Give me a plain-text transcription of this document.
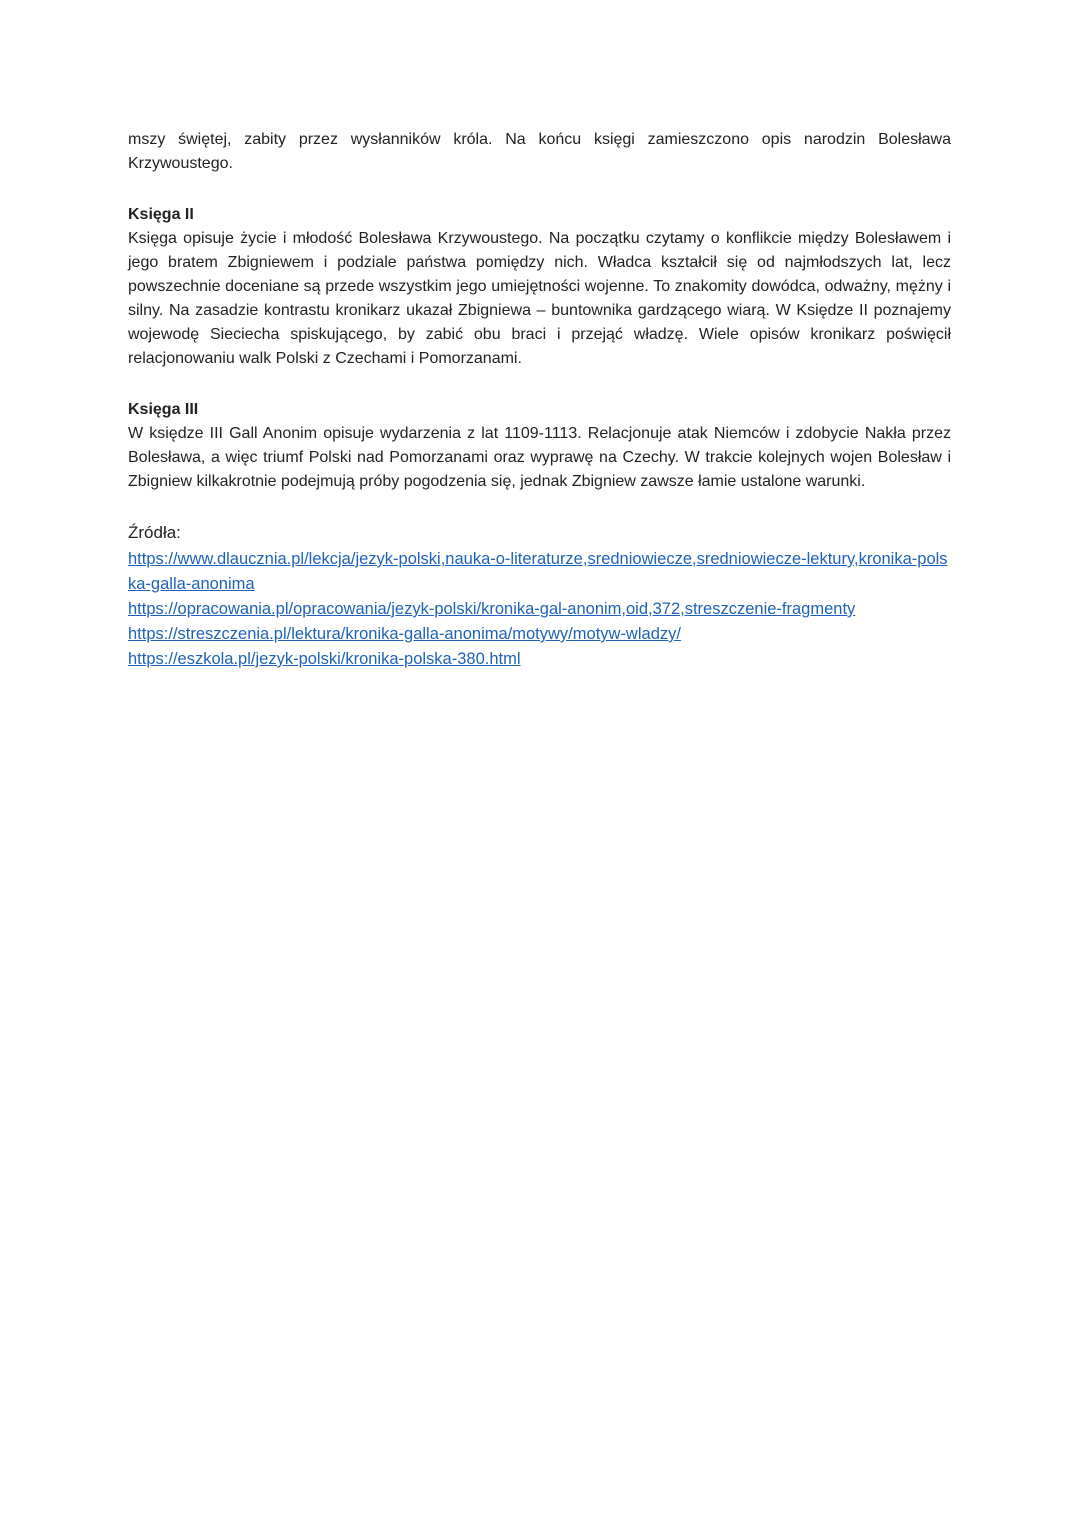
mszy świętej, zabity przez wysłanników króla. Na końcu księgi zamieszczono opis narodzin Bolesława Krzywoustego.

Księga II

Księga opisuje życie i młodość Bolesława Krzywoustego. Na początku czytamy o konflikcie między Bolesławem i jego bratem Zbigniewem i podziale państwa pomiędzy nich. Władca kształcił się od najmłodszych lat, lecz powszechnie doceniane są przede wszystkim jego umiejętności wojenne. To znakomity dowódca, odważny, mężny i silny. Na zasadzie kontrastu kronikarz ukazał Zbigniewa – buntownika gardzącego wiarą. W Księdze II poznajemy wojewodę Sieciecha spiskującego, by zabić obu braci i przejąć władzę. Wiele opisów kronikarz poświęcił relacjonowaniu walk Polski z Czechami i Pomorzanami.

Księga III

W księdze III Gall Anonim opisuje wydarzenia z lat 1109-1113. Relacjonuje atak Niemców i zdobycie Nakła przez Bolesława, a więc triumf Polski nad Pomorzanami oraz wyprawę na Czechy. W trakcie kolejnych wojen Bolesław i Zbigniew kilkakrotnie podejmują próby pogodzenia się, jednak Zbigniew zawsze łamie ustalone warunki.

Źródła:

https://www.dlaucznia.pl/lekcja/jezyk-polski,nauka-o-literaturze,sredniowiecze,sredniowiecze-lektury,kronika-polska-galla-anonima
https://opracowania.pl/opracowania/jezyk-polski/kronika-gal-anonim,oid,372,streszczenie-fragmenty
https://streszczenia.pl/lektura/kronika-galla-anonima/motywy/motyw-wladzy/
https://eszkola.pl/jezyk-polski/kronika-polska-380.html
